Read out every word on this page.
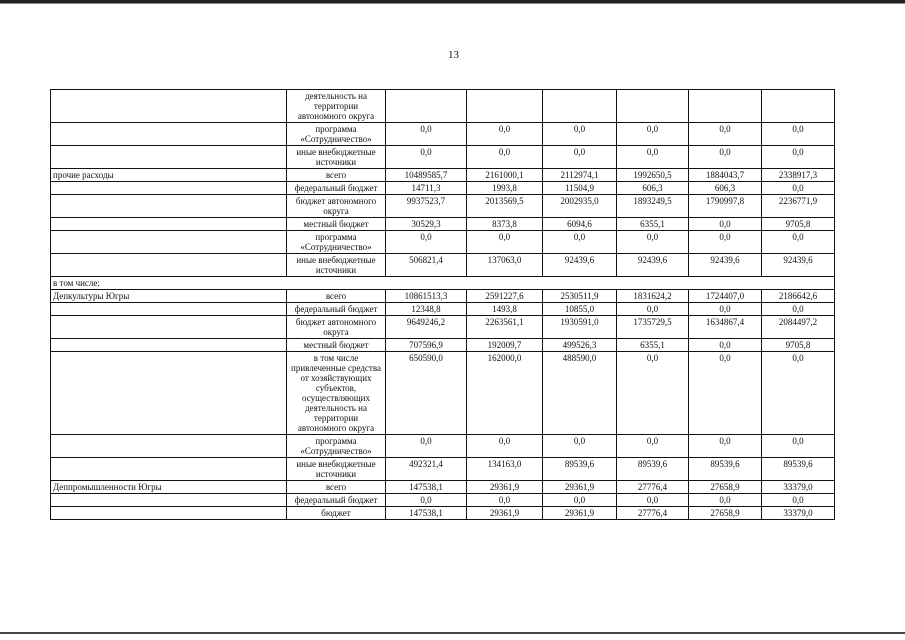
13
	деятельность на территории автономного округа						
	программа «Сотрудничество»	0,0	0,0	0,0	0,0	0,0	0,0
	иные внебюджетные источники	0,0	0,0	0,0	0,0	0,0	0,0
прочие расходы	всего	10489585,7	2161000,1	2112974,1	1992650,5	1884043,7	2338917,3
	федеральный бюджет	14711,3	1993,8	11504,9	606,3	606,3	0,0
	бюджет автономного округа	9937523,7	2013569,5	2002935,0	1893249,5	1790997,8	2236771,9
	местный бюджет	30529,3	8373,8	6094,6	6355,1	0,0	9705,8
	программа «Сотрудничество»	0,0	0,0	0,0	0,0	0,0	0,0
	иные внебюджетные источники	506821,4	137063,0	92439,6	92439,6	92439,6	92439,6
в том числе:							
Депкультуры Югры	всего	10861513,3	2591227,6	2530511,9	1831624,2	1724407,0	2186642,6
	федеральный бюджет	12348,8	1493,8	10855,0	0,0	0,0	0,0
	бюджет автономного округа	9649246,2	2263561,1	1930591,0	1735729,5	1634867,4	2084497,2
	местный бюджет	707596,9	192009,7	499526,3	6355,1	0,0	9705,8
	в том числе привлеченные средства от хозяйствующих субъектов, осуществляющих деятельность на территории автономного округа	650590,0	162000,0	488590,0	0,0	0,0	0,0
	программа «Сотрудничество»	0,0	0,0	0,0	0,0	0,0	0,0
	иные внебюджетные источники	492321,4	134163,0	89539,6	89539,6	89539,6	89539,6
Деппромышленности Югры	всего	147538,1	29361,9	29361,9	27776,4	27658,9	33379,0
	федеральный бюджет	0,0	0,0	0,0	0,0	0,0	0,0
	бюджет	147538,1	29361,9	29361,9	27776,4	27658,9	33379,0
